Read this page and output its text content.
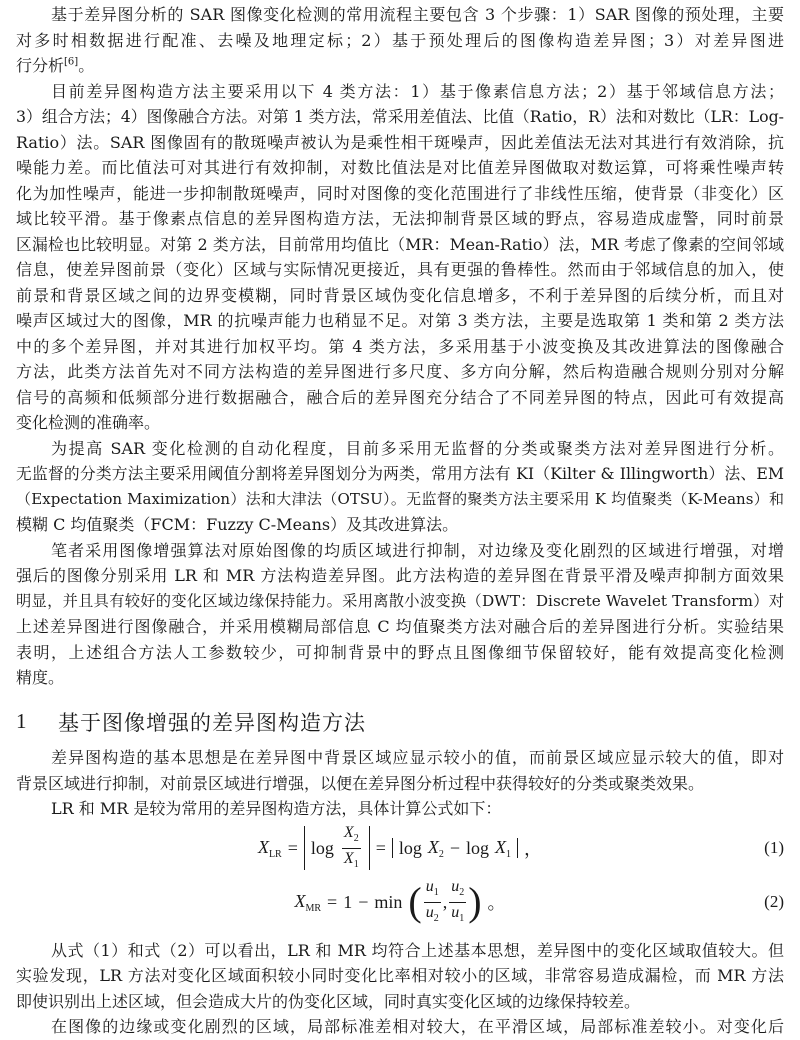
基于差异图分析的 SAR 图像变化检测的常用流程主要包含 3 个步骤：1）SAR 图像的预处理，主要
对多时相数据进行配准、去噪及地理定标；2）基于预处理后的图像构造差异图；3）对差异图进
行分析[6]。
目前差异图构造方法主要采用以下 4 类方法：1）基于像素信息方法；2）基于邻域信息方法；
3）组合方法；4）图像融合方法。对第 1 类方法，常采用差值法、比值（Ratio，R）法和对数比（LR：Log-
Ratio）法。SAR 图像固有的散斑噪声被认为是乘性相干斑噪声，因此差值法无法对其进行有效消除，抗
噪能力差。而比值法可对其进行有效抑制，对数比值法是对比值差异图做取对数运算，可将乘性噪声转
化为加性噪声，能进一步抑制散斑噪声，同时对图像的变化范围进行了非线性压缩，使背景（非变化）区
域比较平滑。基于像素点信息的差异图构造方法，无法抑制背景区域的野点，容易造成虚警，同时前景
区漏检也比较明显。对第 2 类方法，目前常用均值比（MR：Mean-Ratio）法，MR 考虑了像素的空间邻域
信息，使差异图前景（变化）区域与实际情况更接近，具有更强的鲁棒性。然而由于邻域信息的加入，使
前景和背景区域之间的边界变模糊，同时背景区域伪变化信息增多，不利于差异图的后续分析，而且对
噪声区域过大的图像，MR 的抗噪声能力也稍显不足。对第 3 类方法，主要是选取第 1 类和第 2 类方法
中的多个差异图，并对其进行加权平均。第 4 类方法，多采用基于小波变换及其改进算法的图像融合
方法，此类方法首先对不同方法构造的差异图进行多尺度、多方向分解，然后构造融合规则分别对分解
信号的高频和低频部分进行数据融合，融合后的差异图充分结合了不同差异图的特点，因此可有效提高
变化检测的准确率。
为提高 SAR 变化检测的自动化程度，目前多采用无监督的分类或聚类方法对差异图进行分析。
无监督的分类方法主要采用阈值分割将差异图划分为两类，常用方法有 KI（Kilter & Illingworth）法、EM
（Expectation Maximization）法和大津法（OTSU）。无监督的聚类方法主要采用 K 均值聚类（K-Means）和
模糊 C 均值聚类（FCM：Fuzzy C-Means）及其改进算法。
笔者采用图像增强算法对原始图像的均质区域进行抑制，对边缘及变化剧烈的区域进行增强，对增
强后的图像分别采用 LR 和 MR 方法构造差异图。此方法构造的差异图在背景平滑及噪声抑制方面效果
明显，并且具有较好的变化区域边缘保持能力。采用离散小波变换（DWT：Discrete Wavelet Transform）对
上述差异图进行图像融合，并采用模糊局部信息 C 均值聚类方法对融合后的差异图进行分析。实验结果
表明，上述组合方法人工参数较少，可抑制背景中的野点且图像细节保留较好，能有效提高变化检测
精度。
1	基于图像增强的差异图构造方法
差异图构造的基本思想是在差异图中背景区域应显示较小的值，而前景区域应显示较大的值，即对
背景区域进行抑制，对前景区域进行增强，以便在差异图分析过程中获得较好的分类或聚类效果。
LR 和 MR 是较为常用的差异图构造方法，具体计算公式如下：
$X_{LR} = \log \frac{X_2}{X_1} = \log X_2 - \log X_1$ ，	(1)
$X_{MR} = 1 - \min$ ( $\frac{u_1}{u_2}$ , $\frac{u_2}{u_1}$ ) 。	(2)
从式（1）和式（2）可以看出，LR 和 MR 均符合上述基本思想，差异图中的变化区域取值较大。但
实验发现，LR 方法对变化区域面积较小同时变化比率相对较小的区域，非常容易造成漏检，而 MR 方法
即使识别出上述区域，但会造成大片的伪变化区域，同时真实变化区域的边缘保持较差。
在图像的边缘或变化剧烈的区域，局部标准差相对较大，在平滑区域，局部标准差较小。对变化后
